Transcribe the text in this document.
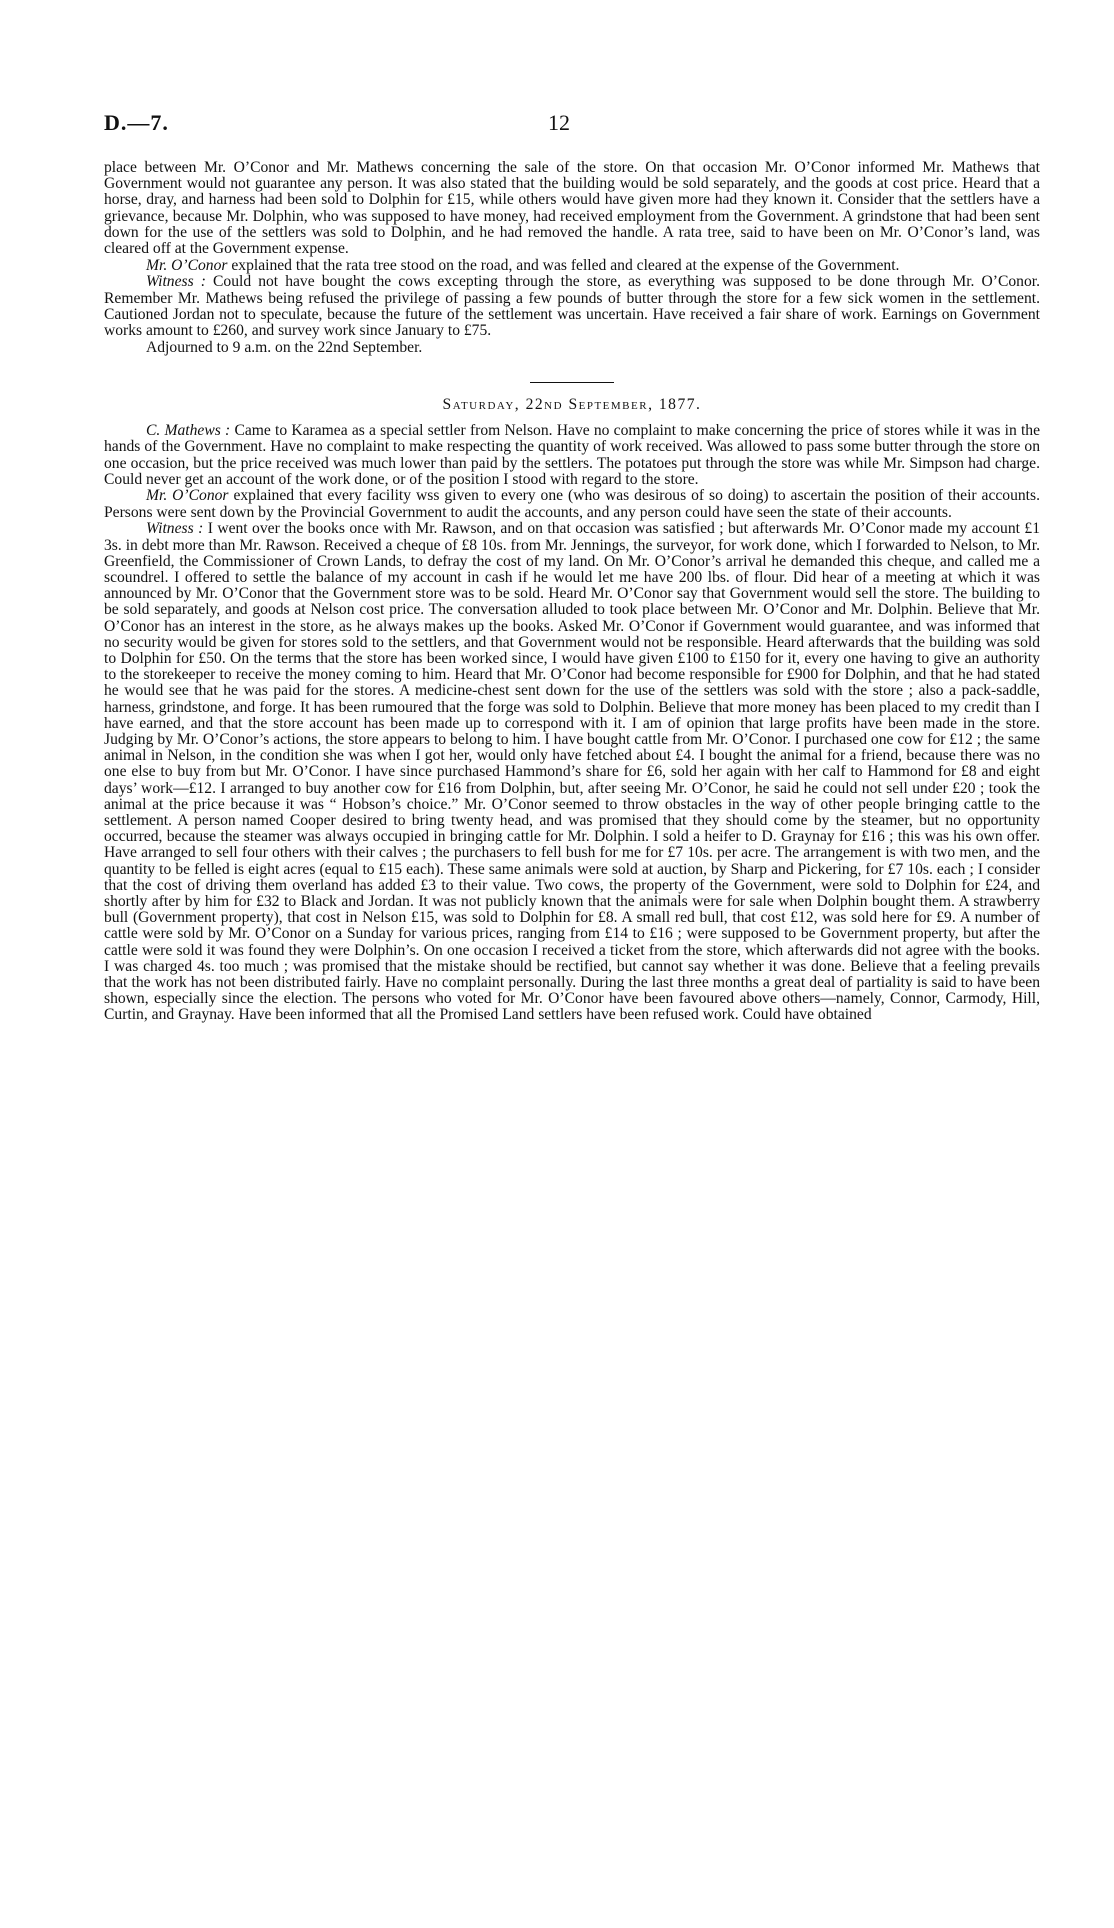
D.—7.	12

place between Mr. O’Conor and Mr. Mathews concerning the sale of the store. On that occasion Mr. O’Conor informed Mr. Mathews that Government would not guarantee any person. It was also stated that the building would be sold separately, and the goods at cost price. Heard that a horse, dray, and harness had been sold to Dolphin for £15, while others would have given more had they known it. Consider that the settlers have a grievance, because Mr. Dolphin, who was supposed to have money, had received employment from the Government. A grindstone that had been sent down for the use of the settlers was sold to Dolphin, and he had removed the handle. A rata tree, said to have been on Mr. O’Conor’s land, was cleared off at the Government expense.

Mr. O’Conor explained that the rata tree stood on the road, and was felled and cleared at the expense of the Government.

Witness : Could not have bought the cows excepting through the store, as everything was supposed to be done through Mr. O’Conor. Remember Mr. Mathews being refused the privilege of passing a few pounds of butter through the store for a few sick women in the settlement. Cautioned Jordan not to speculate, because the future of the settlement was uncertain. Have received a fair share of work. Earnings on Government works amount to £260, and survey work since January to £75.

Adjourned to 9 a.m. on the 22nd September.

Saturday, 22nd September, 1877.

C. Mathews : Came to Karamea as a special settler from Nelson. Have no complaint to make concerning the price of stores while it was in the hands of the Government. Have no complaint to make respecting the quantity of work received. Was allowed to pass some butter through the store on one occasion, but the price received was much lower than paid by the settlers. The potatoes put through the store was while Mr. Simpson had charge. Could never get an account of the work done, or of the position I stood with regard to the store.

Mr. O’Conor explained that every facility wss given to every one (who was desirous of so doing) to ascertain the position of their accounts. Persons were sent down by the Provincial Government to audit the accounts, and any person could have seen the state of their accounts.

Witness : I went over the books once with Mr. Rawson, and on that occasion was satisfied ; but afterwards Mr. O’Conor made my account £1 3s. in debt more than Mr. Rawson. Received a cheque of £8 10s. from Mr. Jennings, the surveyor, for work done, which I forwarded to Nelson, to Mr. Greenfield, the Commissioner of Crown Lands, to defray the cost of my land. On Mr. O’Conor’s arrival he demanded this cheque, and called me a scoundrel. I offered to settle the balance of my account in cash if he would let me have 200 lbs. of flour. Did hear of a meeting at which it was announced by Mr. O’Conor that the Government store was to be sold. Heard Mr. O’Conor say that Government would sell the store. The building to be sold separately, and goods at Nelson cost price. The conversation alluded to took place between Mr. O’Conor and Mr. Dolphin. Believe that Mr. O’Conor has an interest in the store, as he always makes up the books. Asked Mr. O’Conor if Government would guarantee, and was informed that no security would be given for stores sold to the settlers, and that Government would not be responsible. Heard afterwards that the building was sold to Dolphin for £50. On the terms that the store has been worked since, I would have given £100 to £150 for it, every one having to give an authority to the storekeeper to receive the money coming to him. Heard that Mr. O’Conor had become responsible for £900 for Dolphin, and that he had stated he would see that he was paid for the stores. A medicine-chest sent down for the use of the settlers was sold with the store ; also a pack-saddle, harness, grindstone, and forge. It has been rumoured that the forge was sold to Dolphin. Believe that more money has been placed to my credit than I have earned, and that the store account has been made up to correspond with it. I am of opinion that large profits have been made in the store. Judging by Mr. O’Conor’s actions, the store appears to belong to him. I have bought cattle from Mr. O’Conor. I purchased one cow for £12 ; the same animal in Nelson, in the condition she was when I got her, would only have fetched about £4. I bought the animal for a friend, because there was no one else to buy from but Mr. O’Conor. I have since purchased Hammond’s share for £6, sold her again with her calf to Hammond for £8 and eight days’ work—£12. I arranged to buy another cow for £16 from Dolphin, but, after seeing Mr. O’Conor, he said he could not sell under £20 ; took the animal at the price because it was “ Hobson’s choice.” Mr. O’Conor seemed to throw obstacles in the way of other people bringing cattle to the settlement. A person named Cooper desired to bring twenty head, and was promised that they should come by the steamer, but no opportunity occurred, because the steamer was always occupied in bringing cattle for Mr. Dolphin. I sold a heifer to D. Graynay for £16 ; this was his own offer. Have arranged to sell four others with their calves ; the purchasers to fell bush for me for £7 10s. per acre. The arrangement is with two men, and the quantity to be felled is eight acres (equal to £15 each). These same animals were sold at auction, by Sharp and Pickering, for £7 10s. each ; I consider that the cost of driving them overland has added £3 to their value. Two cows, the property of the Government, were sold to Dolphin for £24, and shortly after by him for £32 to Black and Jordan. It was not publicly known that the animals were for sale when Dolphin bought them. A strawberry bull (Government property), that cost in Nelson £15, was sold to Dolphin for £8. A small red bull, that cost £12, was sold here for £9. A number of cattle were sold by Mr. O’Conor on a Sunday for various prices, ranging from £14 to £16 ; were supposed to be Government property, but after the cattle were sold it was found they were Dolphin’s. On one occasion I received a ticket from the store, which afterwards did not agree with the books. I was charged 4s. too much ; was promised that the mistake should be rectified, but cannot say whether it was done. Believe that a feeling prevails that the work has not been distributed fairly. Have no complaint personally. During the last three months a great deal of partiality is said to have been shown, especially since the election. The persons who voted for Mr. O’Conor have been favoured above others—namely, Connor, Carmody, Hill, Curtin, and Graynay. Have been informed that all the Promised Land settlers have been refused work. Could have obtained
